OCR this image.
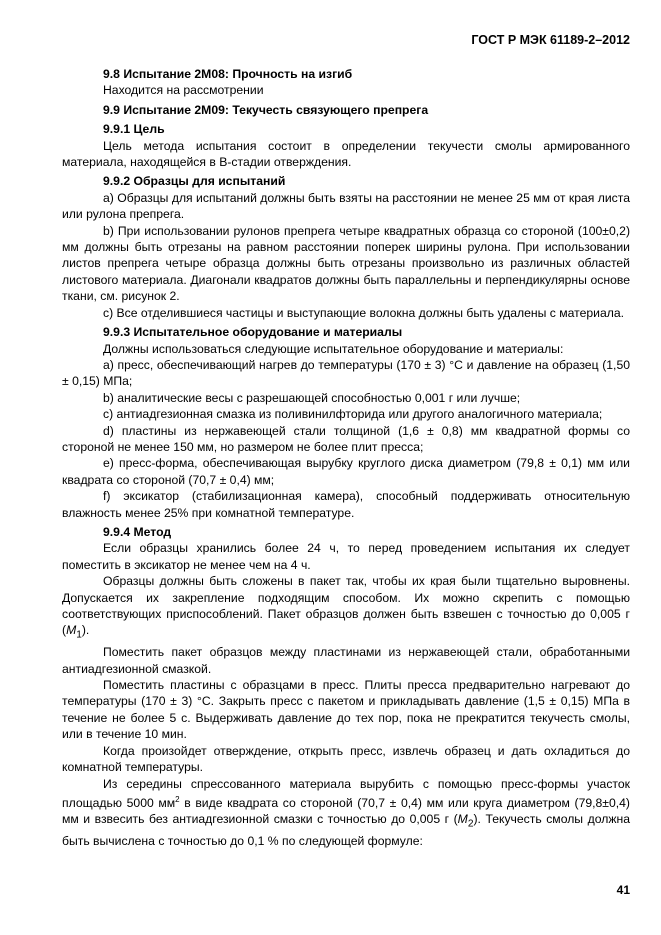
ГОСТ Р МЭК 61189-2–2012

9.8 Испытание 2М08: Прочность на изгиб

Находится на рассмотрении

9.9 Испытание 2М09: Текучесть связующего препрега

9.9.1 Цель

Цель метода испытания состоит в определении текучести смолы армированного материала, находящейся в В-стадии отверждения.

9.9.2 Образцы для испытаний

a) Образцы для испытаний должны быть взяты на расстоянии не менее 25 мм от края листа или рулона препрега.

b) При использовании рулонов препрега четыре квадратных образца со стороной (100±0,2) мм должны быть отрезаны на равном расстоянии поперек ширины рулона. При использовании листов препрега четыре образца должны быть отрезаны произвольно из различных областей листового материала. Диагонали квадратов должны быть параллельны и перпендикулярны основе ткани, см. рисунок 2.

c) Все отделившиеся частицы и выступающие волокна должны быть удалены с материала.

9.9.3 Испытательное оборудование и материалы

Должны использоваться следующие испытательное оборудование и материалы:

a) пресс, обеспечивающий нагрев до температуры (170 ± 3) °С и давление на образец (1,50 ± 0,15) МПа;

b) аналитические весы с разрешающей способностью 0,001 г или лучше;

c) антиадгезионная смазка из поливинилфторида или другого аналогичного материала;

d) пластины из нержавеющей стали толщиной (1,6 ± 0,8) мм квадратной формы со стороной не менее 150 мм, но размером не более плит пресса;

e) пресс-форма, обеспечивающая вырубку круглого диска диаметром (79,8 ± 0,1) мм или квадрата со стороной (70,7 ± 0,4) мм;

f) эксикатор (стабилизационная камера), способный поддерживать относительную влажность менее 25% при комнатной температуре.

9.9.4 Метод

Если образцы хранились более 24 ч, то перед проведением испытания их следует поместить в эксикатор не менее чем на 4 ч.

Образцы должны быть сложены в пакет так, чтобы их края были тщательно выровнены. Допускается их закрепление подходящим способом. Их можно скрепить с помощью соответствующих приспособлений. Пакет образцов должен быть взвешен с точностью до 0,005 г $(M_1)$.

Поместить пакет образцов между пластинами из нержавеющей стали, обработанными антиадгезионной смазкой.

Поместить пластины с образцами в пресс. Плиты пресса предварительно нагревают до температуры (170 ± 3) °С. Закрыть пресс с пакетом и прикладывать давление (1,5 ± 0,15) МПа в течение не более 5 с. Выдерживать давление до тех пор, пока не прекратится текучесть смолы, или в течение 10 мин.

Когда произойдет отверждение, открыть пресс, извлечь образец и дать охладиться до комнатной температуры.

Из середины спрессованного материала вырубить с помощью пресс-формы участок площадью 5000 $мм^2$ в виде квадрата со стороной (70,7 ± 0,4) мм или круга диаметром (79,8±0,4) мм и взвесить без антиадгезионной смазки с точностью до 0,005 г $(M_2)$. Текучесть смолы должна быть вычислена с точностью до 0,1 % по следующей формуле:

41
